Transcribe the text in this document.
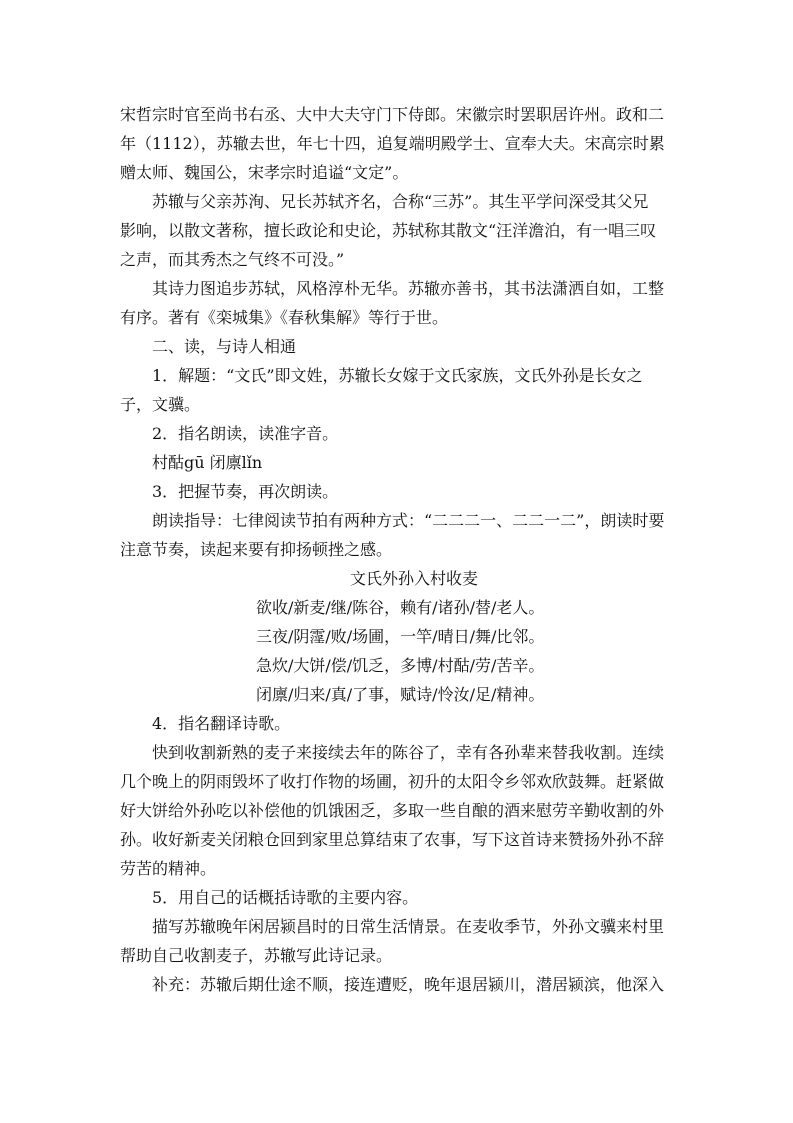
宋哲宗时官至尚书右丞、大中大夫守门下侍郎。宋徽宗时罢职居许州。政和二
年（1112），苏辙去世，年七十四，追复端明殿学士、宣奉大夫。宋高宗时累
赠太师、魏国公，宋孝宗时追谥“文定”。
苏辙与父亲苏洵、兄长苏轼齐名，合称“三苏”。其生平学问深受其父兄
影响，以散文著称，擅长政论和史论，苏轼称其散文“汪洋澹泊，有一唱三叹
之声，而其秀杰之气终不可没。”
其诗力图追步苏轼，风格淳朴无华。苏辙亦善书，其书法潇洒自如，工整
有序。著有《栾城集》《春秋集解》等行于世。
二、读，与诗人相通
1．解题：“文氏”即文姓，苏辙长女嫁于文氏家族，文氏外孙是长女之
子，文骥。
2．指名朗读，读准字音。
村酤gū 闭廪lǐn
3．把握节奏，再次朗读。
朗读指导：七律阅读节拍有两种方式：“二二二一、二二一二”，朗读时要
注意节奏，读起来要有抑扬顿挫之感。
文氏外孙入村收麦
欲收/新麦/继/陈谷，赖有/诸孙/替/老人。
三夜/阴霪/败/场圃，一竿/晴日/舞/比邻。
急炊/大饼/偿/饥乏，多博/村酤/劳/苦辛。
闭廪/归来/真/了事，赋诗/怜汝/足/精神。
4．指名翻译诗歌。
快到收割新熟的麦子来接续去年的陈谷了，幸有各孙辈来替我收割。连续
几个晚上的阴雨毁坏了收打作物的场圃，初升的太阳令乡邻欢欣鼓舞。赶紧做
好大饼给外孙吃以补偿他的饥饿困乏，多取一些自酿的酒来慰劳辛勤收割的外
孙。收好新麦关闭粮仓回到家里总算结束了农事，写下这首诗来赞扬外孙不辞
劳苦的精神。
5．用自己的话概括诗歌的主要内容。
描写苏辙晚年闲居颍昌时的日常生活情景。在麦收季节，外孙文骥来村里
帮助自己收割麦子，苏辙写此诗记录。
补充：苏辙后期仕途不顺，接连遭贬，晚年退居颍川，潜居颍滨，他深入
